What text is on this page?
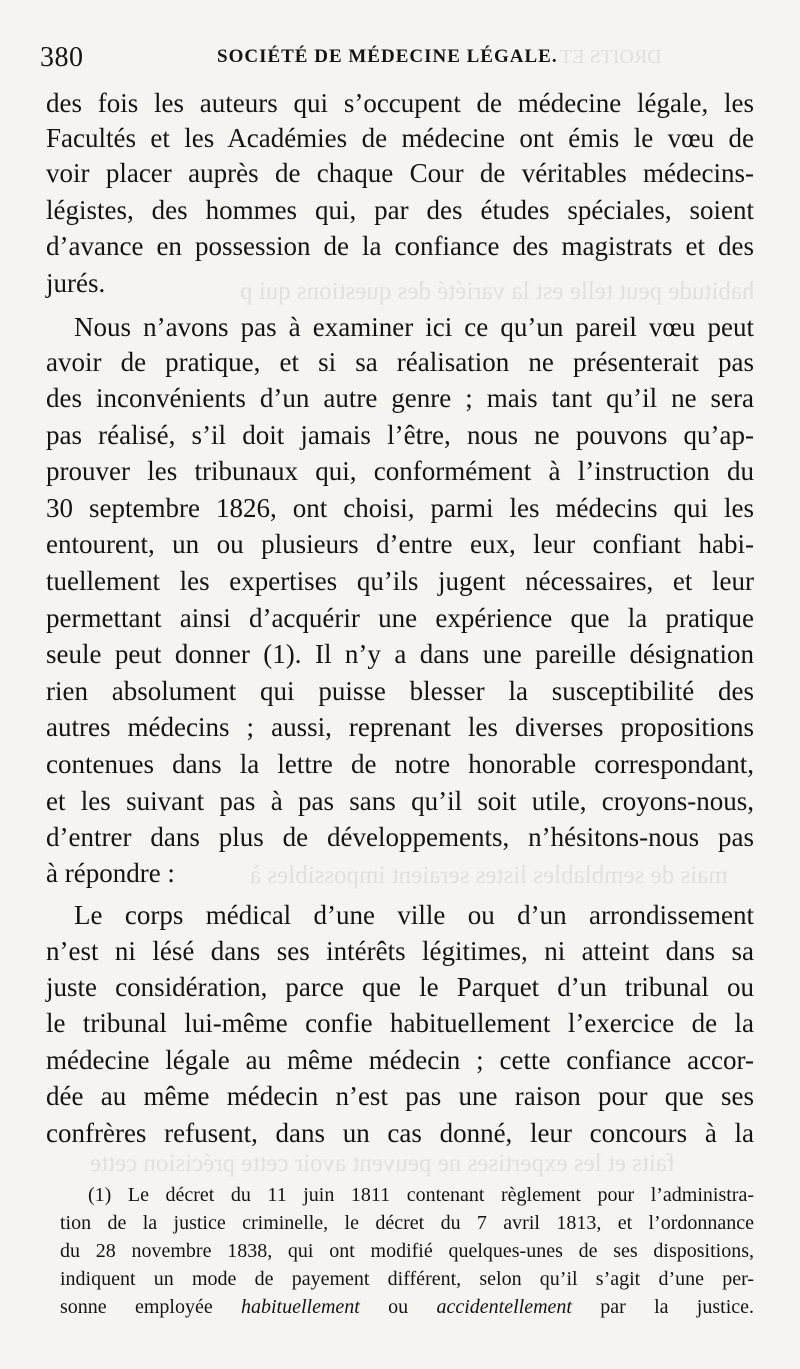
DROITS ET
habitude peut telle est la variété des questions qui p
mais de semblables listes seraient impossibles à
faits et les expertises ne peuvent avoir cette précision cette
380	SOCIÉTÉ DE MÉDECINE LÉGALE.
des fois les auteurs qui s’occupent de médecine légale, les
Facultés et les Académies de médecine ont émis le vœu de
voir placer auprès de chaque Cour de véritables médecins-
légistes, des hommes qui, par des études spéciales, soient
d’avance en possession de la confiance des magistrats et des
jurés.
Nous n’avons pas à examiner ici ce qu’un pareil vœu peut
avoir de pratique, et si sa réalisation ne présenterait pas
des inconvénients d’un autre genre ; mais tant qu’il ne sera
pas réalisé, s’il doit jamais l’être, nous ne pouvons qu’ap-
prouver les tribunaux qui, conformément à l’instruction du
30 septembre 1826, ont choisi, parmi les médecins qui les
entourent, un ou plusieurs d’entre eux, leur confiant habi-
tuellement les expertises qu’ils jugent nécessaires, et leur
permettant ainsi d’acquérir une expérience que la pratique
seule peut donner (1). Il n’y a dans une pareille désignation
rien absolument qui puisse blesser la susceptibilité des
autres médecins ; aussi, reprenant les diverses propositions
contenues dans la lettre de notre honorable correspondant,
et les suivant pas à pas sans qu’il soit utile, croyons-nous,
d’entrer dans plus de développements, n’hésitons-nous pas
à répondre :
Le corps médical d’une ville ou d’un arrondissement
n’est ni lésé dans ses intérêts légitimes, ni atteint dans sa
juste considération, parce que le Parquet d’un tribunal ou
le tribunal lui-même confie habituellement l’exercice de la
médecine légale au même médecin ; cette confiance accor-
dée au même médecin n’est pas une raison pour que ses
confrères refusent, dans un cas donné, leur concours à la
(1) Le décret du 11 juin 1811 contenant règlement pour l’administra-
tion de la justice criminelle, le décret du 7 avril 1813, et l’ordonnance
du 28 novembre 1838, qui ont modifié quelques-unes de ses dispositions,
indiquent un mode de payement différent, selon qu’il s’agit d’une per-
sonne employée habituellement ou accidentellement par la justice.
